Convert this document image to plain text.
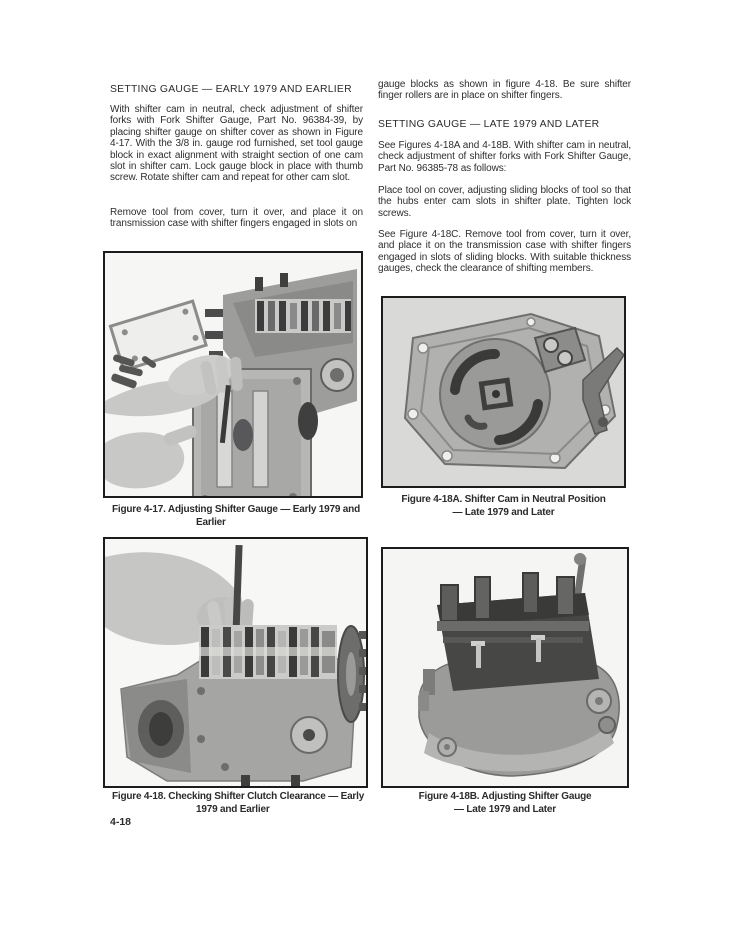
SETTING GAUGE — EARLY 1979 AND EARLIER
With shifter cam in neutral, check adjustment of shifter forks with Fork Shifter Gauge, Part No. 96384-39, by placing shifter gauge on shifter cover as shown in Figure 4-17. With the 3/8 in. gauge rod furnished, set tool gauge block in exact alignment with straight section of one cam slot in shifter cam. Lock gauge block in place with thumb screw. Rotate shifter cam and repeat for other cam slot.
Remove tool from cover, turn it over, and place it on transmission case with shifter fingers engaged in slots on
Figure 4-17. Adjusting Shifter Gauge — Early 1979 and
Earlier
Figure 4-18. Checking Shifter Clutch Clearance — Early
1979 and Earlier
4-18
gauge blocks as shown in figure 4-18. Be sure shifter finger rollers are in place on shifter fingers.
SETTING GAUGE — LATE 1979 AND LATER
See Figures 4-18A and 4-18B. With shifter cam in neutral, check adjustment of shifter forks with Fork Shifter Gauge, Part No. 96385-78 as follows:
Place tool on cover, adjusting sliding blocks of tool so that the hubs enter cam slots in shifter plate. Tighten lock screws.
See Figure 4-18C. Remove tool from cover, turn it over, and place it on the transmission case with shifter fingers engaged in slots of sliding blocks. With suitable thickness gauges, check the clearance of shifting members.
Figure 4-18A. Shifter Cam in Neutral Position
— Late 1979 and Later
Figure 4-18B. Adjusting Shifter Gauge
— Late 1979 and Later
